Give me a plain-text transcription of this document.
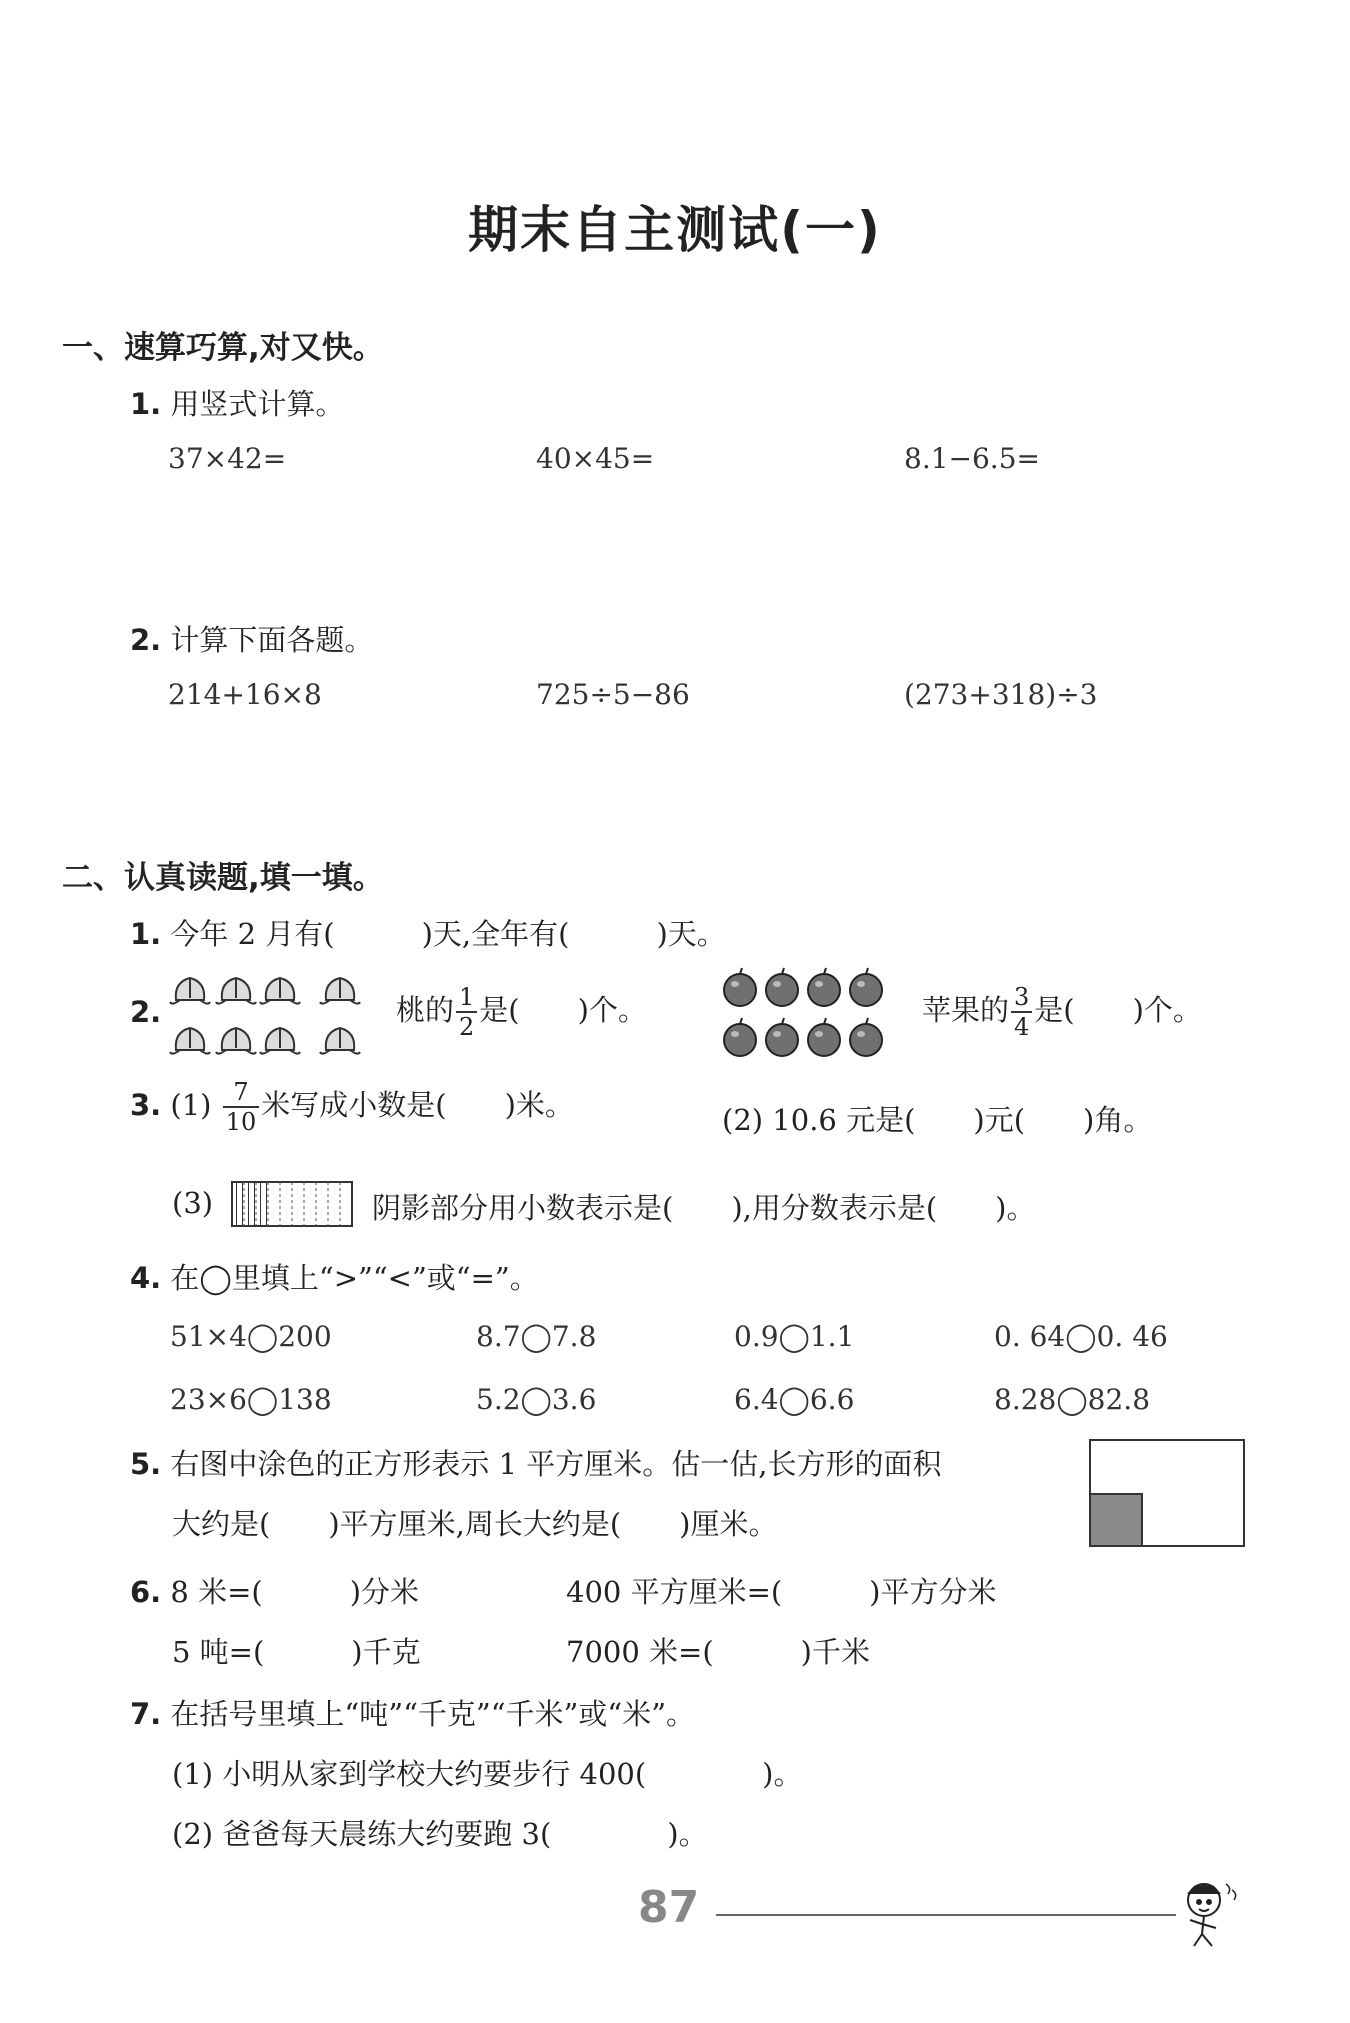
期末自主测试(一)
一、速算巧算,对又快。
1. 用竖式计算。
37×42=	40×45=	8.1−6.5=
2. 计算下面各题。
214+16×8	725÷5−86	(273+318)÷3
二、认真读题,填一填。
1. 今年 2 月有(　　　)天,全年有(　　　)天。
2.	桃的 $\frac{1}{2}$ 是(　　)个。	苹果的 $\frac{3}{4}$ 是(　　)个。
3. $(1) \frac{7}{10}$ 米写成小数是(　　)米。	(2) 10.6 元是(　　)元(　　)角。
(3)	阴影部分用小数表示是(　　),用分数表示是(　　)。
4. 在◯里填上“>”“<”或“=”。
51×4◯200	8.7◯7.8	0.9◯1.1	0. 64◯0. 46
23×6◯138	5.2◯3.6	6.4◯6.6	8.28◯82.8
5. 右图中涂色的正方形表示 1 平方厘米。估一估,长方形的面积
大约是(　　)平方厘米,周长大约是(　　)厘米。
6. 8 米=(　　　)分米	400 平方厘米=(　　　)平方分米
5 吨=(　　　)千克	7000 米=(　　　)千米
7. 在括号里填上“吨”“千克”“千米”或“米”。
(1) 小明从家到学校大约要步行 400(　　　　)。
(2) 爸爸每天晨练大约要跑 3(　　　　)。
87
